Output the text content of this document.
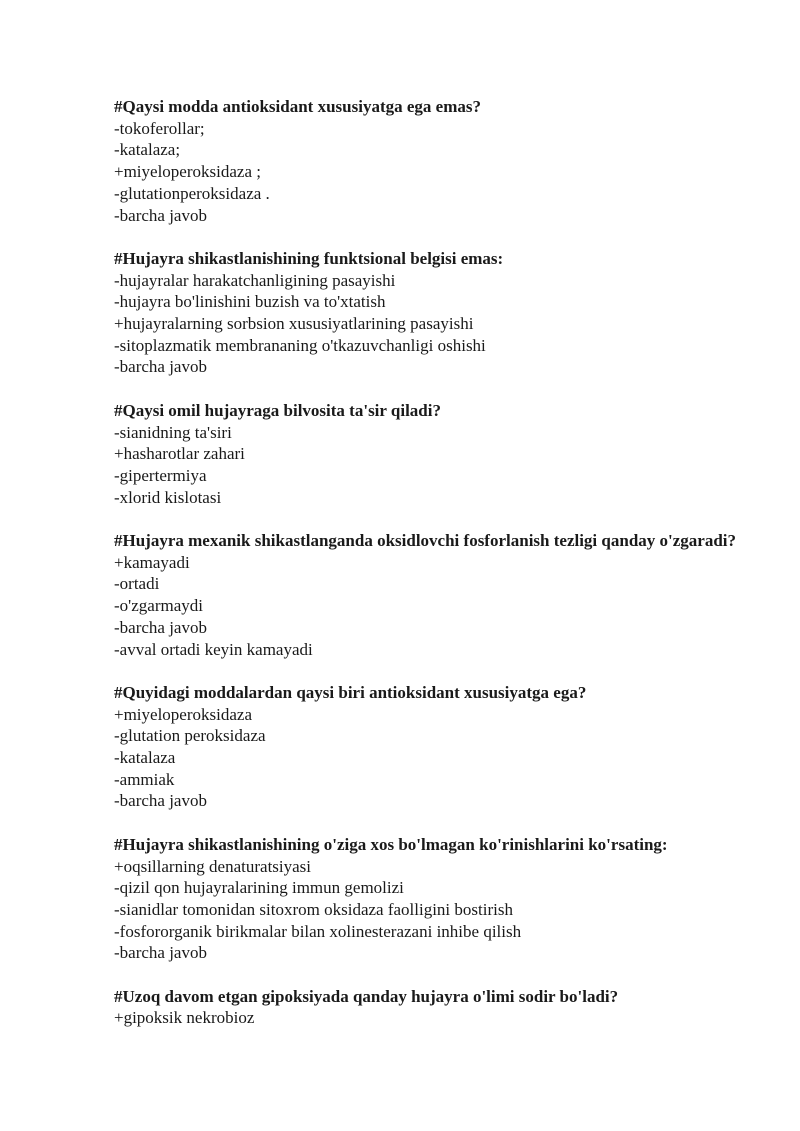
#Qaysi modda antioksidant xususiyatga ega emas?

-tokoferollar;

-katalaza;

+miyeloperoksidaza ;

-glutationperoksidaza .

-barcha javob

#Hujayra shikastlanishining funktsional belgisi emas:

-hujayralar harakatchanligining pasayishi

-hujayra bo'linishini buzish va to'xtatish

+hujayralarning sorbsion xususiyatlarining pasayishi

-sitoplazmatik membrananing o'tkazuvchanligi oshishi

-barcha javob

#Qaysi omil hujayraga bilvosita ta'sir qiladi?

-sianidning ta'siri

+hasharotlar zahari

-gipertermiya

-xlorid kislotasi

#Hujayra mexanik shikastlanganda oksidlovchi fosforlanish tezligi qanday o'zgaradi?

+kamayadi

-ortadi

-o'zgarmaydi

-barcha javob

-avval ortadi keyin kamayadi

#Quyidagi moddalardan qaysi biri antioksidant xususiyatga ega?

+miyeloperoksidaza

-glutation peroksidaza

-katalaza

-ammiak

-barcha javob

#Hujayra shikastlanishining o'ziga xos bo'lmagan ko'rinishlarini ko'rsating:

+oqsillarning denaturatsiyasi

-qizil qon hujayralarining immun gemolizi

-sianidlar tomonidan sitoxrom oksidaza faolligini bostirish

-fosfororganik birikmalar bilan xolinesterazani inhibe qilish

-barcha javob

#Uzoq davom etgan gipoksiyada qanday hujayra o'limi sodir bo'ladi?

+gipoksik nekrobioz
